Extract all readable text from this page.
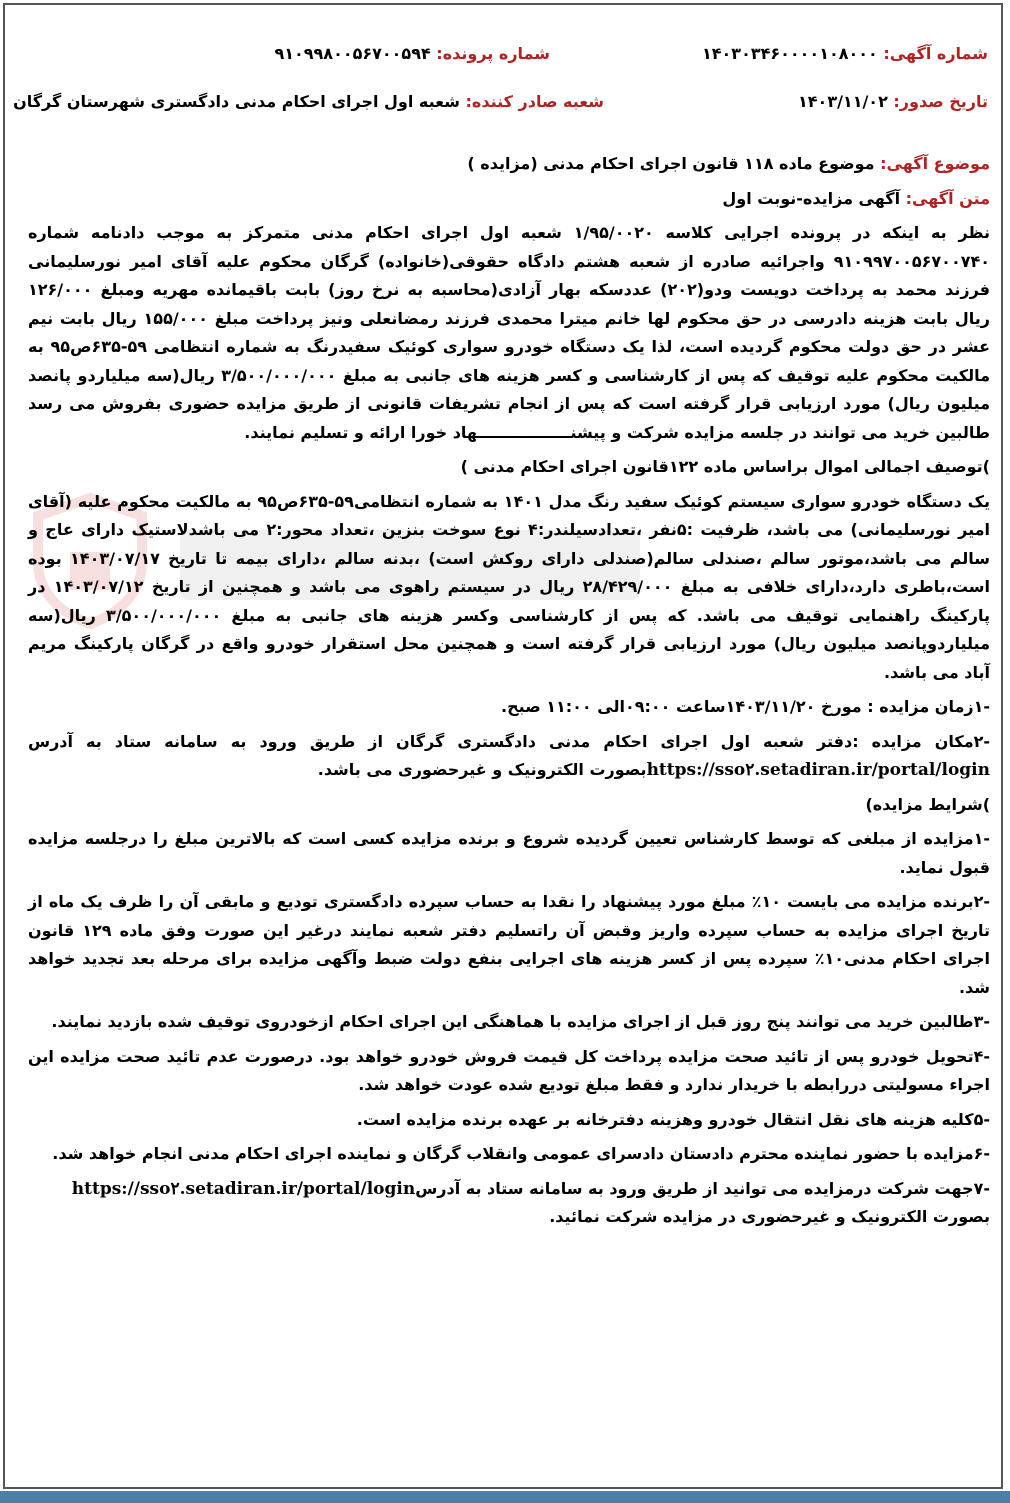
شماره آگهی: ۱۴۰۳۰۳۴۶۰۰۰۰۱۰۸۰۰۰
شماره پرونده: ۹۱۰۹۹۸۰۰۵۶۷۰۰۵۹۴
تاریخ صدور: ۱۴۰۳/۱۱/۰۲
شعبه صادر کننده: شعبه اول اجرای احکام مدنی دادگستری شهرستان گرگان

موضوع آگهی: موضوع ماده ۱۱۸ قانون اجرای احکام مدنی (مزایده )

متن آگهی: آگهی مزایده-نوبت اول

نظر به اینکه در پرونده اجرایی کلاسه ۱/۹۵/۰۰۲۰ شعبه اول اجرای احکام مدنی متمرکز به موجب دادنامه شماره ۹۱۰۹۹۷۰۰۵۶۷۰۰۷۴۰ واجرائیه صادره از شعبه هشتم دادگاه حقوقی(خانواده) گرگان محکوم علیه آقای امیر نورسلیمانی فرزند محمد به پرداخت دویست ودو(۲۰۲) عددسکه بهار آزادی(محاسبه به نرخ روز) بابت باقیمانده مهریه ومبلغ ۱۲۶/۰۰۰ ریال بابت هزینه دادرسی در حق محکوم لها خانم میترا محمدی فرزند رمضانعلی ونیز پرداخت مبلغ ۱۵۵/۰۰۰ ریال بابت نیم عشر در حق دولت محکوم گردیده است، لذا یک دستگاه خودرو سواری کوئیک سفیدرنگ به شماره انتظامی ۵۹-۶۳۵ص۹۵ به مالکیت محکوم علیه توقیف که پس از کارشناسی و کسر هزینه های جانبی به مبلغ ۳/۵۰۰/۰۰۰/۰۰۰ ریال(سه میلیاردو پانصد میلیون ریال) مورد ارزیابی قرار گرفته است که پس از انجام تشریفات قانونی از طریق مزایده حضوری بفروش می رسد طالبین خرید می توانند در جلسه مزایده شرکت و پیشنـــــــــــــــــهاد خورا ارائه و تسلیم نمایند.

)توصیف اجمالی اموال براساس ماده ۱۲۲قانون اجرای احکام مدنی )

یک دستگاه خودرو سواری سیستم کوئیک سفید رنگ مدل ۱۴۰۱ به شماره انتظامی۵۹-۶۳۵ص۹۵ به مالکیت محکوم علیه (آقای امیر نورسلیمانی) می باشد، ظرفیت :۵نفر ،تعدادسیلندر:۴ نوع سوخت بنزین ،تعداد محور:۲ می باشدلاستیک دارای عاج و سالم می باشد،موتور سالم ،صندلی سالم(صندلی دارای روکش است) ،بدنه سالم ،دارای بیمه تا تاریخ ۱۴۰۳/۰۷/۱۷ بوده است،باطری دارد،دارای خلافی به مبلغ ۲۸/۴۲۹/۰۰۰ ریال در سیستم راهوی می باشد و همچنین از تاریخ ۱۴۰۳/۰۷/۱۲ در پارکینگ راهنمایی توقیف می باشد. که پس از کارشناسی وکسر هزینه های جانبی به مبلغ ۳/۵۰۰/۰۰۰/۰۰۰ ریال(سه میلیاردوپانصد میلیون ریال) مورد ارزیابی قرار گرفته است و همچنین محل استقرار خودرو واقع در گرگان پارکینگ مریم آباد می باشد.

-۱زمان مزایده : مورخ ۱۴۰۳/۱۱/۲۰ساعت ۰۹:۰۰الی ۱۱:۰۰ صبح.

-۲مکان مزایده :دفتر شعبه اول اجرای احکام مدنی دادگستری گرگان از طریق ورود به سامانه ستاد به آدرس https://sso۲.setadiran.ir/portal/loginبصورت الکترونیک و غیرحضوری می باشد.

)شرایط مزایده)

-۱مزایده از مبلغی که توسط کارشناس تعیین گردیده شروع و برنده مزایده کسی است که بالاترین مبلغ را درجلسه مزایده قبول نماید.

-۲برنده مزایده می بایست ۱۰٪ مبلغ مورد پیشنهاد را نقدا به حساب سپرده دادگستری تودیع و مابقی آن را ظرف یک ماه از تاریخ اجرای مزایده به حساب سپرده واریز وقبض آن راتسلیم دفتر شعبه نمایند درغیر این صورت وفق ماده ۱۲۹ قانون اجرای احکام مدنی۱۰٪ سپرده پس از کسر هزینه های اجرایی بنفع دولت ضبط وآگهی مزایده برای مرحله بعد تجدید خواهد شد.

-۳طالبین خرید می توانند پنج روز قبل از اجرای مزایده با هماهنگی این اجرای احکام ازخودروی توقیف شده بازدید نمایند.

-۴تحویل خودرو پس از تائید صحت مزایده پرداخت کل قیمت فروش خودرو خواهد بود. درصورت عدم تائید صحت مزایده این اجراء مسولیتی دررابطه با خریدار ندارد و فقط مبلغ تودیع شده عودت خواهد شد.

-۵کلیه هزینه های نقل انتقال خودرو وهزینه دفترخانه بر عهده برنده مزایده است.

-۶مزایده با حضور نماینده محترم دادستان دادسرای عمومی وانقلاب گرگان و نماینده اجرای احکام مدنی انجام خواهد شد.

-۷جهت شرکت درمزایده می توانید از طریق ورود به سامانه ستاد به آدرسhttps://sso۲.setadiran.ir/portal/login
بصورت الکترونیک و غیرحضوری در مزایده شرکت نمائید.
